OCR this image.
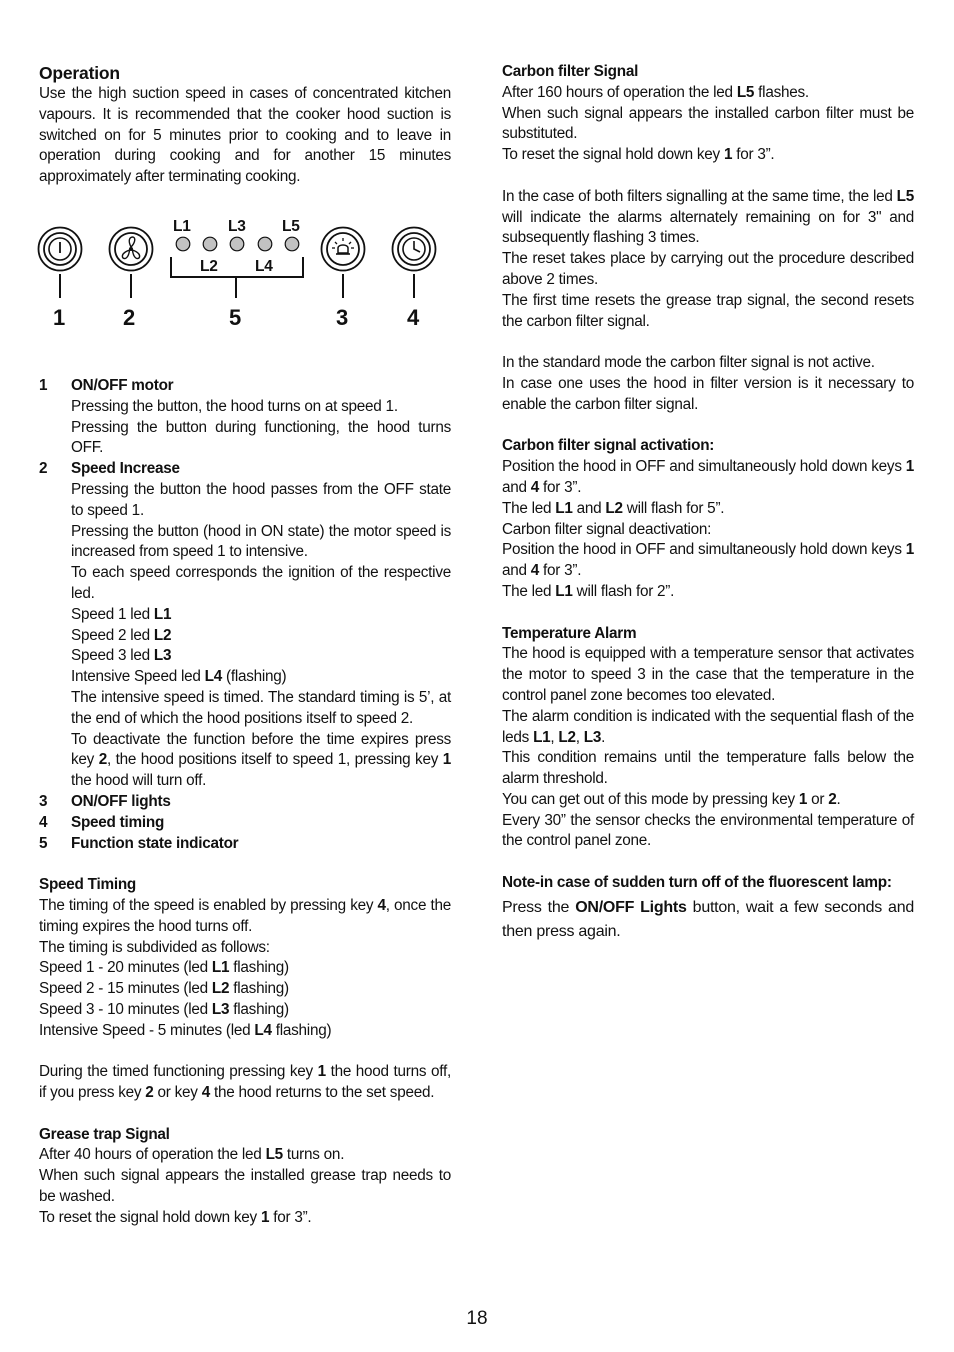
Operation

Use the high suction speed in cases of concentrated kitchen vapours. It is recommended that the cooker hood suction is switched on for 5 minutes prior to cooking and to leave in operation during cooking and for another 15 minutes approximately after terminating cooking.

L1 L3 L5
L2 L4
1	2	5	3	4
1	ON/OFF motor

Pressing the button, the hood turns on at speed 1.

Pressing the button during functioning, the hood turns OFF.

2	Speed Increase

Pressing the button the hood passes from the OFF state to speed 1.

Pressing the button (hood in ON state) the motor speed is increased from speed 1 to intensive.

To each speed corresponds the ignition of the respective led.

Speed 1 led L1

Speed 2 led L2

Speed 3 led L3

Intensive Speed led L4 (flashing)

The intensive speed is timed. The standard timing is 5’, at the end of which the hood positions itself to speed 2.

To deactivate the function before the time expires press key 2, the hood positions itself to speed 1, pressing key 1 the hood will turn off.

3	ON/OFF lights
4	Speed timing
5	Function state indicator

Speed Timing

The timing of the speed is enabled by pressing key 4, once the timing expires the hood turns off.

The timing is subdivided as follows:

Speed 1 - 20 minutes (led L1 flashing)

Speed 2 - 15 minutes (led L2 flashing)

Speed 3 - 10 minutes (led L3 flashing)

Intensive Speed - 5 minutes (led L4 flashing)

During the timed functioning pressing key 1 the hood turns off, if you press key 2 or key 4 the hood returns to the set speed.

Grease trap Signal

After 40 hours of operation the led L5 turns on.

When such signal appears the installed grease trap needs to be washed.

To reset the signal hold down key 1 for 3”.

Carbon filter Signal

After 160 hours of operation the led L5 flashes.

When such signal appears the installed carbon filter must be substituted.

To reset the signal hold down key 1 for 3”.

In the case of both filters signalling at the same time, the led L5 will indicate the alarms alternately remaining on for 3" and subsequently flashing 3 times.

The reset takes place by carrying out the procedure described above 2 times.

The first time resets the grease trap signal, the second resets the carbon filter signal.

In the standard mode the carbon filter signal is not active.

In case one uses the hood in filter version is it necessary to enable the carbon filter signal.

Carbon filter signal activation:

Position the hood in OFF and simultaneously hold down keys 1 and 4 for 3”.

The led L1 and L2 will flash for 5”.

Carbon filter signal deactivation:

Position the hood in OFF and simultaneously hold down keys 1 and 4 for 3”.

The led L1 will flash for 2”.

Temperature Alarm

The hood is equipped with a temperature sensor that activates the motor to speed 3 in the case that the temperature in the control panel zone becomes too elevated.

The alarm condition is indicated with the sequential flash of the leds L1, L2, L3.

This condition remains until the temperature falls below the alarm threshold.

You can get out of this mode by pressing key 1 or 2.

Every 30” the sensor checks the environmental temperature of the control panel zone.

Note-in case of sudden turn off of the fluorescent lamp:

Press the ON/OFF Lights button, wait a few seconds and then press again.

18
